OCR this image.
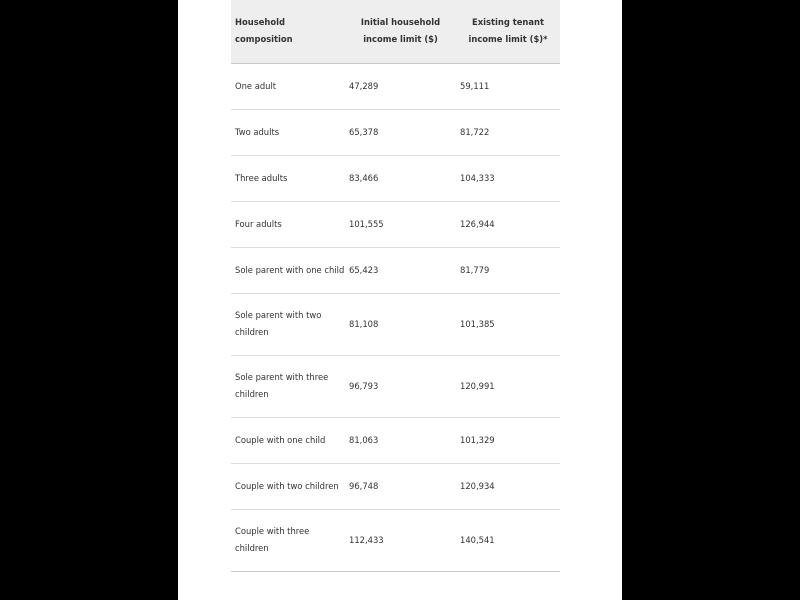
Household composition	Initial household income limit ($)	Existing tenant income limit ($)*
One adult	47,289	59,111
Two adults	65,378	81,722
Three adults	83,466	104,333
Four adults	101,555	126,944
Sole parent with one child	65,423	81,779
Sole parent with two children	81,108	101,385
Sole parent with three children	96,793	120,991
Couple with one child	81,063	101,329
Couple with two children	96,748	120,934
Couple with three children	112,433	140,541
